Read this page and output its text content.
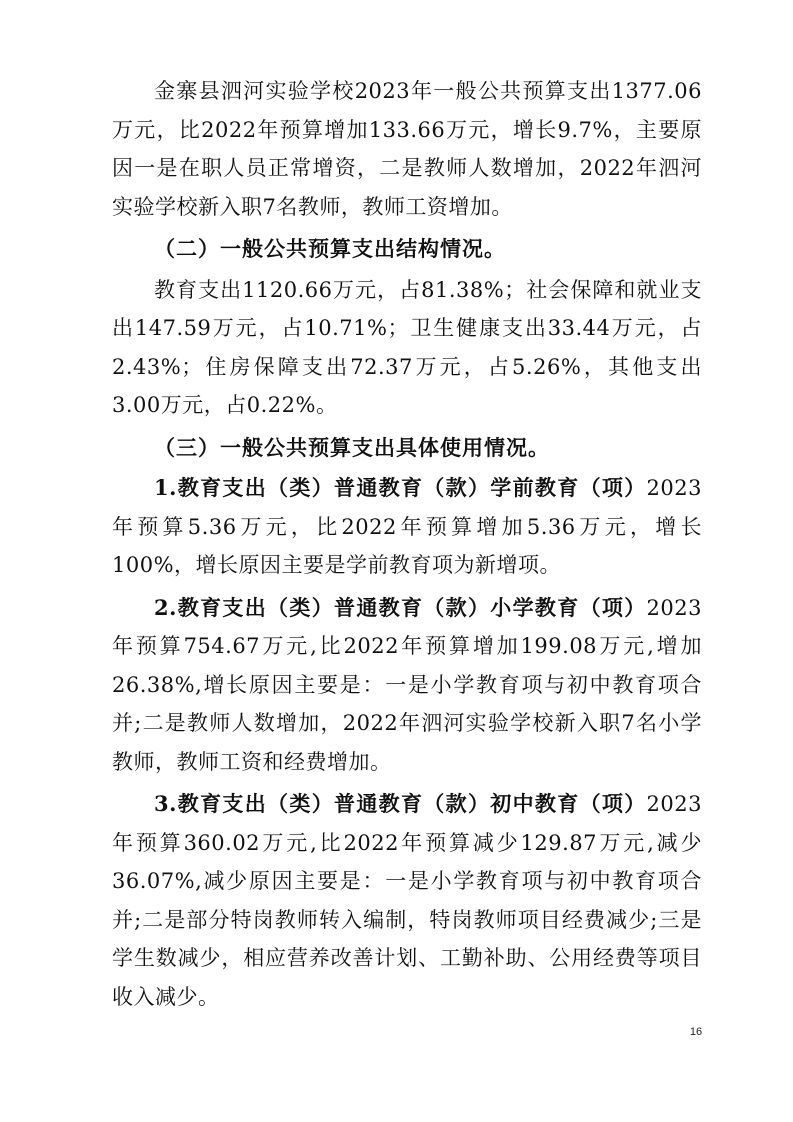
金寨县泗河实验学校2023年一般公共预算支出1377.06万元，比2022年预算增加133.66万元，增长9.7%，主要原因一是在职人员正常增资，二是教师人数增加，2022年泗河实验学校新入职7名教师，教师工资增加。

（二）一般公共预算支出结构情况。

教育支出1120.66万元，占81.38%；社会保障和就业支出147.59万元，占10.71%；卫生健康支出33.44万元，占2.43%；住房保障支出72.37万元，占5.26%，其他支出3.00万元，占0.22%。

（三）一般公共预算支出具体使用情况。

1.教育支出（类）普通教育（款）学前教育（项）2023年预算5.36万元，比2022年预算增加5.36万元，增长100%，增长原因主要是学前教育项为新增项。

2.教育支出（类）普通教育（款）小学教育（项）2023年预算754.67万元,比2022年预算增加199.08万元,增加26.38%,增长原因主要是：一是小学教育项与初中教育项合并;二是教师人数增加，2022年泗河实验学校新入职7名小学教师，教师工资和经费增加。

3.教育支出（类）普通教育（款）初中教育（项）2023年预算360.02万元,比2022年预算减少129.87万元,减少36.07%,减少原因主要是：一是小学教育项与初中教育项合并;二是部分特岗教师转入编制，特岗教师项目经费减少;三是学生数减少，相应营养改善计划、工勤补助、公用经费等项目收入减少。

16
